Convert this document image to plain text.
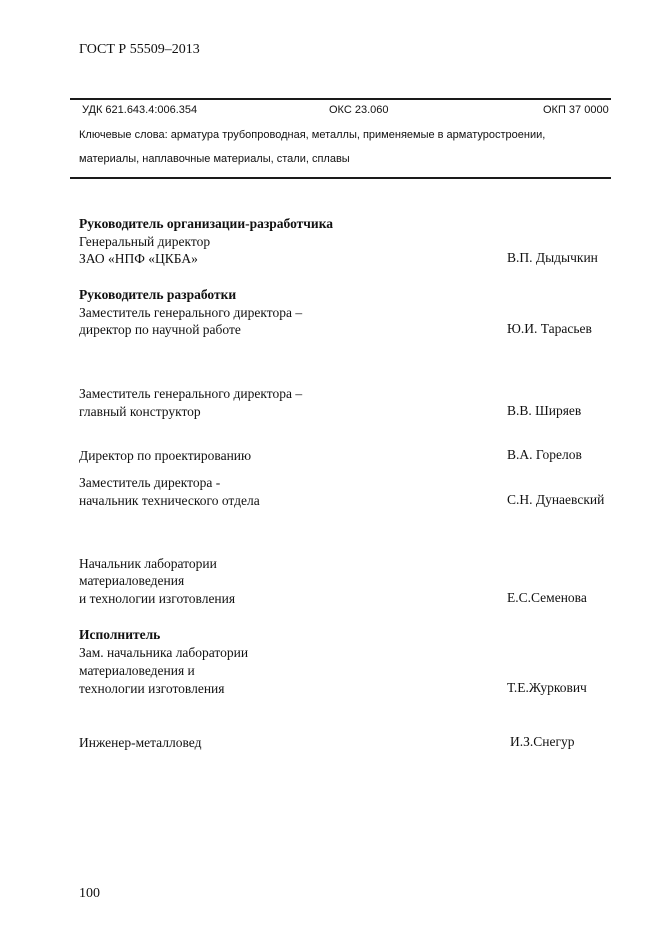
ГОСТ Р 55509–2013
УДК 621.643.4:006.354	ОКС 23.060	ОКП 37 0000
Ключевые слова: арматура трубопроводная, металлы, применяемые в арматуростроении,
материалы, наплавочные материалы, стали, сплавы
Руководитель организации-разработчика
Генеральный директор
ЗАО «НПФ «ЦКБА»	В.П. Дыдычкин
Руководитель разработки
Заместитель генерального директора –
директор по научной работе	Ю.И. Тарасьев
Заместитель генерального директора –
главный конструктор	В.В. Ширяев
Директор по проектированию	В.А. Горелов
Заместитель директора -
начальник технического отдела	С.Н. Дунаевский
Начальник лаборатории
материаловедения
и технологии изготовления	Е.С.Семенова
Исполнитель
Зам. начальника лаборатории
материаловедения и
технологии изготовления	Т.Е.Журкович
Инженер-металловед	И.З.Снегур
100
